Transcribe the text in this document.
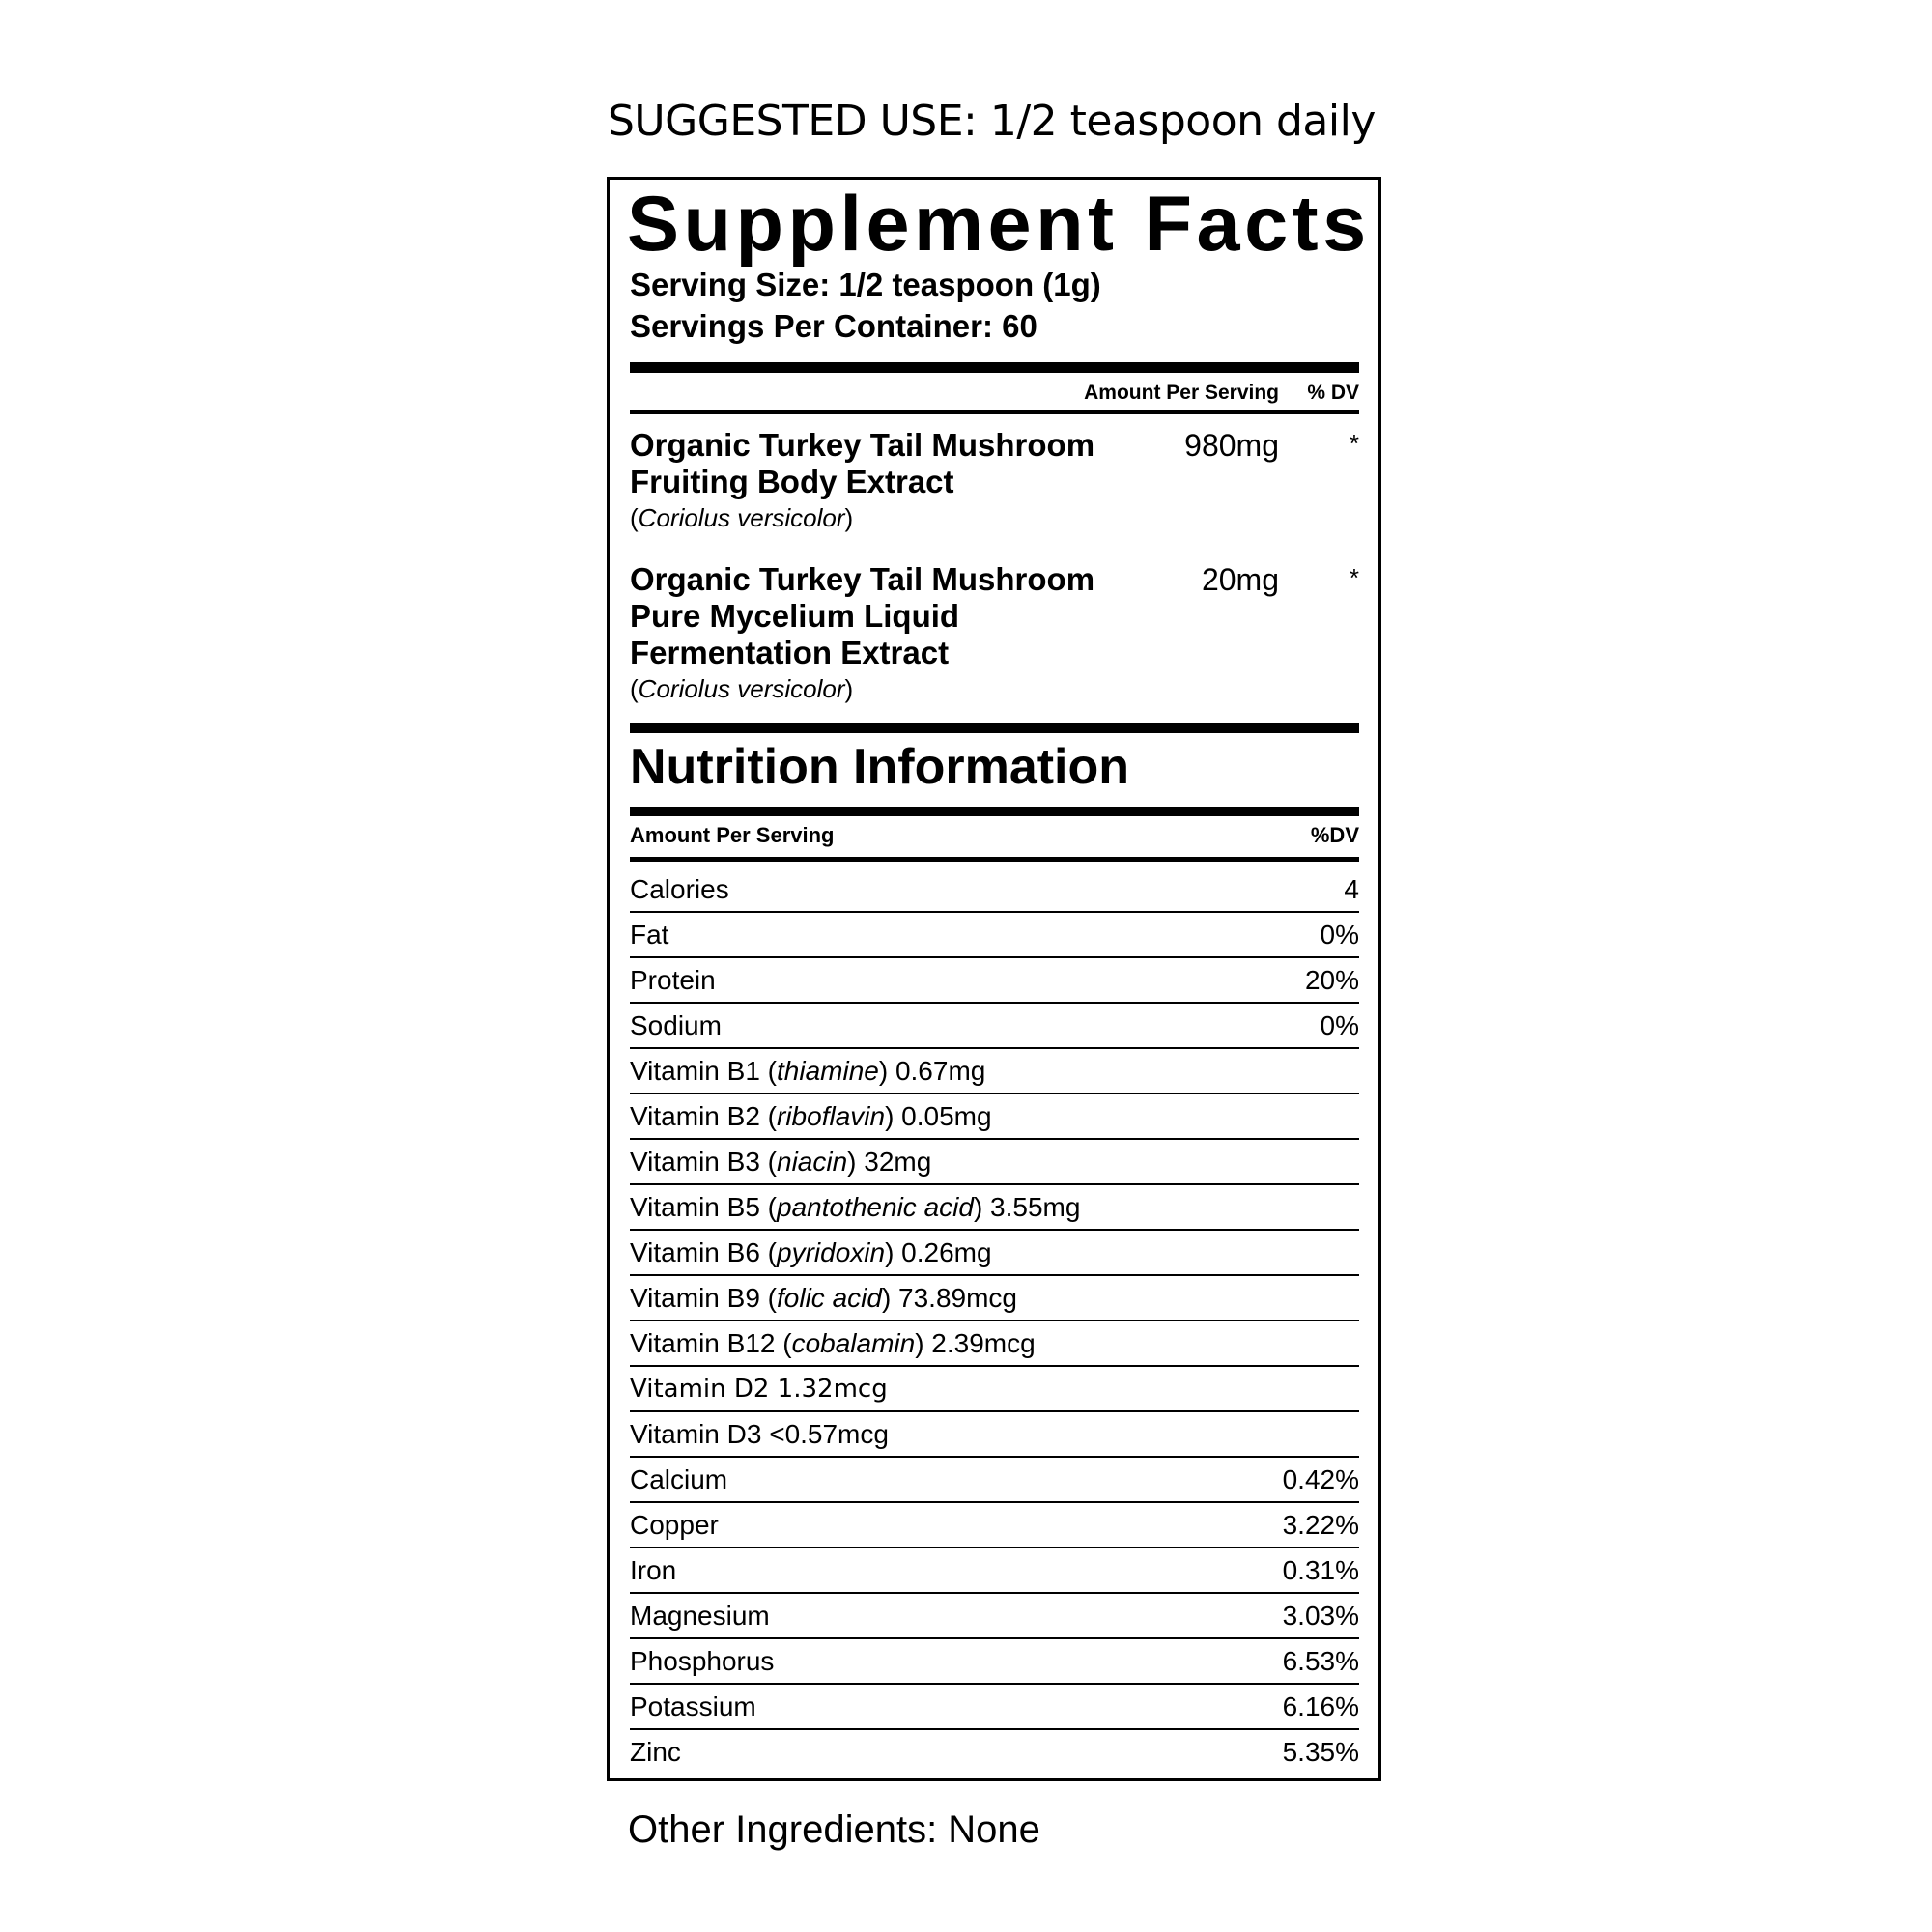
SUGGESTED USE: 1/2 teaspoon daily
Supplement Facts
Serving Size: 1/2 teaspoon (1g)
Servings Per Container: 60
Amount Per Serving % DV
Organic Turkey Tail Mushroom Fruiting Body Extract
(Coriolus versicolor)
980mg	*
Organic Turkey Tail Mushroom Pure Mycelium Liquid Fermentation Extract
(Coriolus versicolor)
20mg	*
Nutrition Information
Amount Per Serving	%DV
Calories	4
Fat	0%
Protein	20%
Sodium	0%
Vitamin B1 (thiamine) 0.67mg
Vitamin B2 (riboflavin) 0.05mg
Vitamin B3 (niacin) 32mg
Vitamin B5 (pantothenic acid) 3.55mg
Vitamin B6 (pyridoxin) 0.26mg
Vitamin B9 (folic acid) 73.89mcg
Vitamin B12 (cobalamin) 2.39mcg
Vitamin D2 1.32mcg
Vitamin D3 <0.57mcg
Calcium	0.42%
Copper	3.22%
Iron	0.31%
Magnesium	3.03%
Phosphorus	6.53%
Potassium	6.16%
Zinc	5.35%
Other Ingredients: None
